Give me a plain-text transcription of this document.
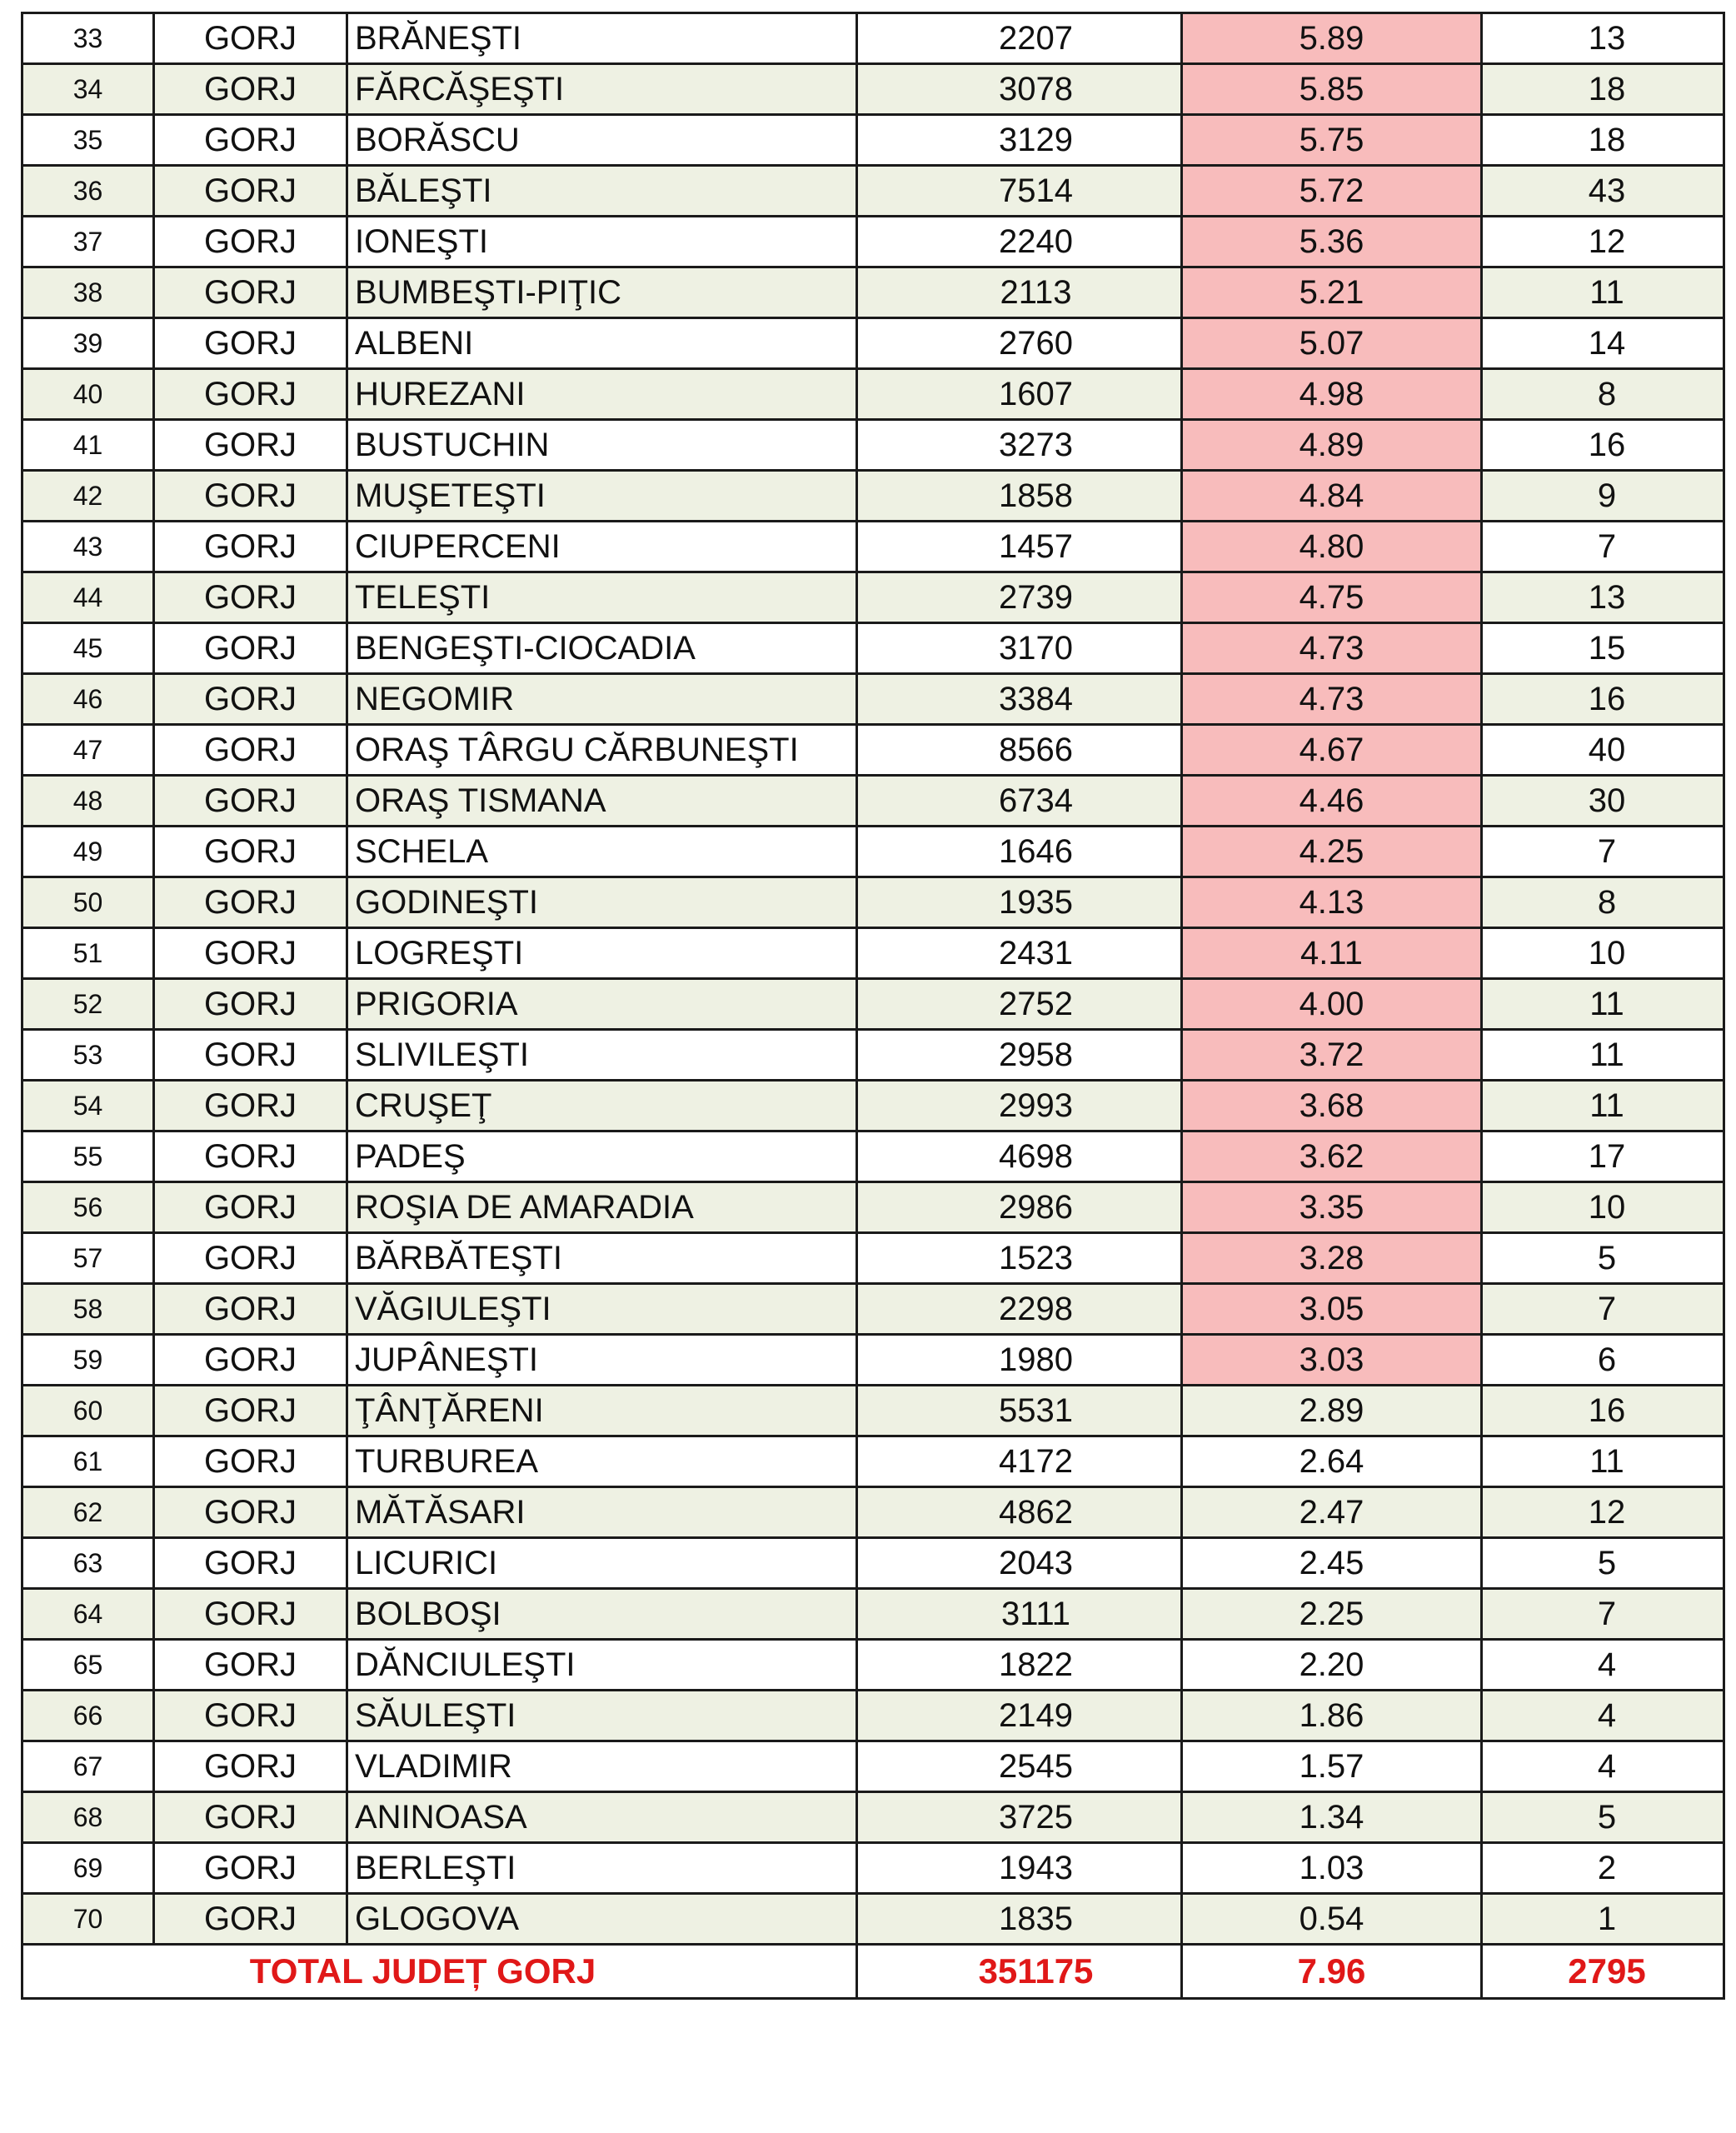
33	GORJ	BRĂNEŞTI	2207	5.89	13
34	GORJ	FĂRCĂŞEŞTI	3078	5.85	18
35	GORJ	BORĂSCU	3129	5.75	18
36	GORJ	BĂLEŞTI	7514	5.72	43
37	GORJ	IONEŞTI	2240	5.36	12
38	GORJ	BUMBEŞTI-PIŢIC	2113	5.21	11
39	GORJ	ALBENI	2760	5.07	14
40	GORJ	HUREZANI	1607	4.98	8
41	GORJ	BUSTUCHIN	3273	4.89	16
42	GORJ	MUŞETEŞTI	1858	4.84	9
43	GORJ	CIUPERCENI	1457	4.80	7
44	GORJ	TELEŞTI	2739	4.75	13
45	GORJ	BENGEŞTI-CIOCADIA	3170	4.73	15
46	GORJ	NEGOMIR	3384	4.73	16
47	GORJ	ORAŞ TÂRGU CĂRBUNEŞTI	8566	4.67	40
48	GORJ	ORAŞ TISMANA	6734	4.46	30
49	GORJ	SCHELA	1646	4.25	7
50	GORJ	GODINEŞTI	1935	4.13	8
51	GORJ	LOGREŞTI	2431	4.11	10
52	GORJ	PRIGORIA	2752	4.00	11
53	GORJ	SLIVILEŞTI	2958	3.72	11
54	GORJ	CRUŞEŢ	2993	3.68	11
55	GORJ	PADEŞ	4698	3.62	17
56	GORJ	ROŞIA DE AMARADIA	2986	3.35	10
57	GORJ	BĂRBĂTEŞTI	1523	3.28	5
58	GORJ	VĂGIULEŞTI	2298	3.05	7
59	GORJ	JUPÂNEŞTI	1980	3.03	6
60	GORJ	ŢÂNŢĂRENI	5531	2.89	16
61	GORJ	TURBUREA	4172	2.64	11
62	GORJ	MĂTĂSARI	4862	2.47	12
63	GORJ	LICURICI	2043	2.45	5
64	GORJ	BOLBOŞI	3111	2.25	7
65	GORJ	DĂNCIULEŞTI	1822	2.20	4
66	GORJ	SĂULEŞTI	2149	1.86	4
67	GORJ	VLADIMIR	2545	1.57	4
68	GORJ	ANINOASA	3725	1.34	5
69	GORJ	BERLEŞTI	1943	1.03	2
70	GORJ	GLOGOVA	1835	0.54	1
TOTAL JUDEȚ GORJ			351175	7.96	2795
